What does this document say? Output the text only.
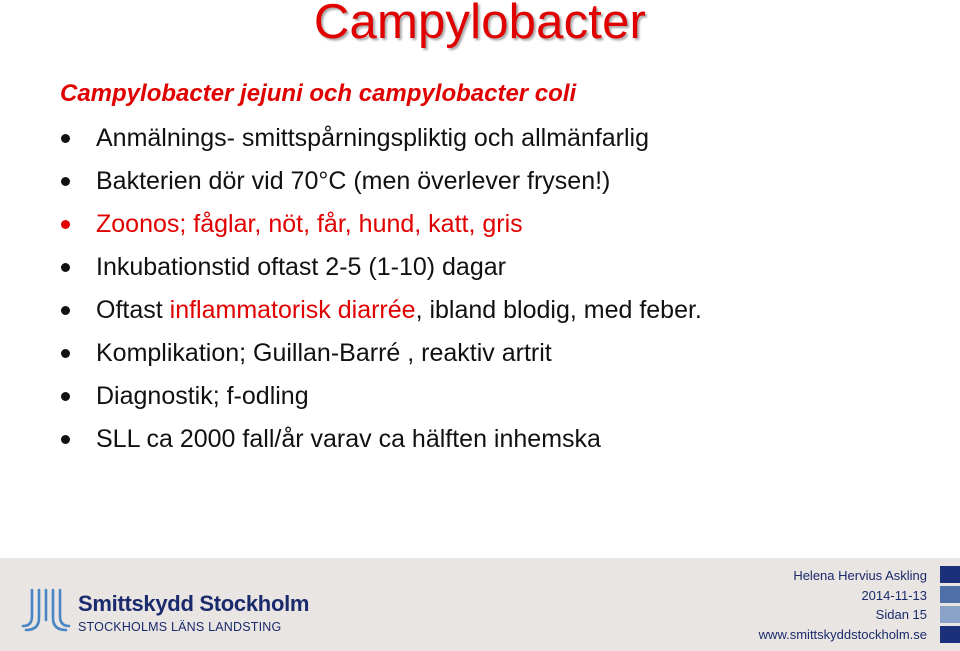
Campylobacter
Campylobacter jejuni och campylobacter coli
Anmälnings- smittspårningspliktig och allmänfarlig
Bakterien dör vid 70°C (men överlever frysen!)
Zoonos; fåglar, nöt, får, hund, katt, gris
Inkubationstid oftast 2-5 (1-10) dagar
Oftast inflammatorisk diarrée, ibland blodig, med feber.
Komplikation; Guillan-Barré , reaktiv artrit
Diagnostik; f-odling
SLL ca 2000 fall/år varav ca hälften inhemska
Smittskydd Stockholm
STOCKHOLMS LÄNS LANDSTING
Helena Hervius Askling
2014-11-13
Sidan 15
www.smittskyddstockholm.se
